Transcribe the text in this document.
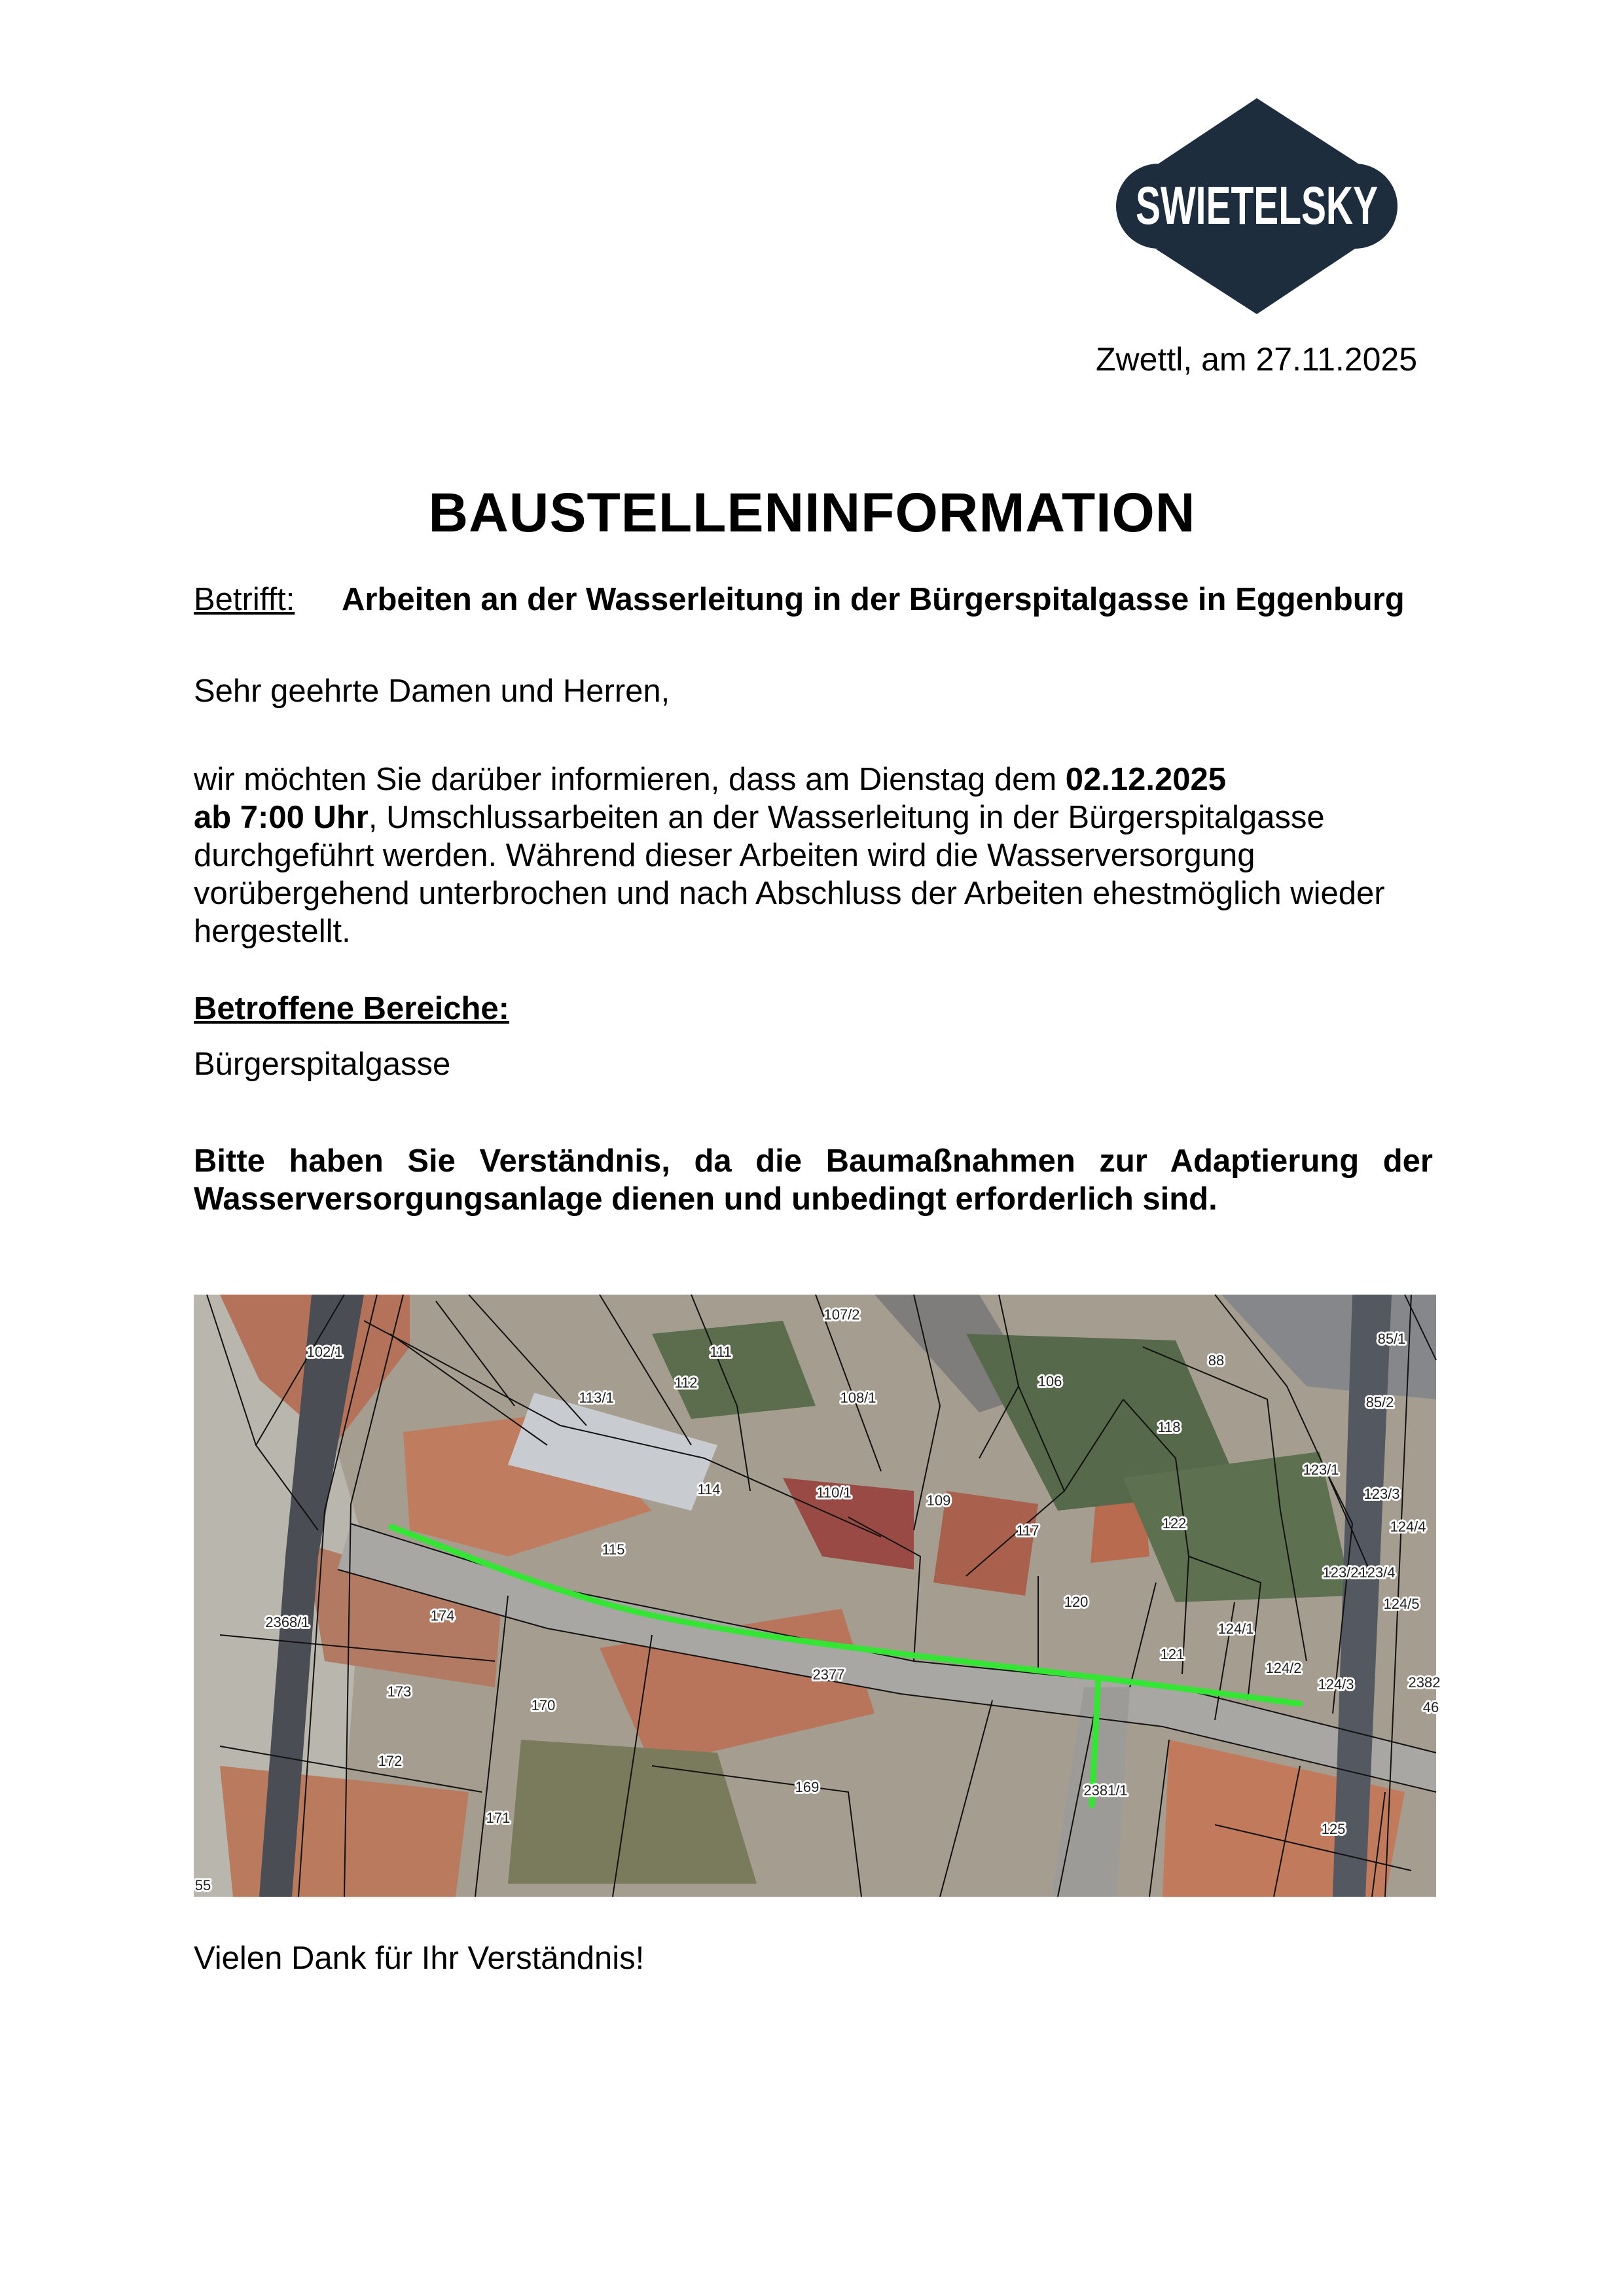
SWIETELSKY
Zwettl, am 27.11.2025
BAUSTELLENINFORMATION
Betrifft: Arbeiten an der Wasserleitung in der Bürgerspitalgasse in Eggenburg
Sehr geehrte Damen und Herren,
wir möchten Sie darüber informieren, dass am Dienstag dem 02.12.2025
ab 7:00 Uhr, Umschlussarbeiten an der Wasserleitung in der Bürgerspitalgasse durchgeführt werden. Während dieser Arbeiten wird die Wasserversorgung vorübergehend unterbrochen und nach Abschluss der Arbeiten ehestmöglich wieder hergestellt.
Betroffene Bereiche:
Bürgerspitalgasse
Bitte haben Sie Verständnis, da die Baumaßnahmen zur Adaptierung der Wasserversorgungsanlage dienen und unbedingt erforderlich sind.
102/1
113/1
112
111
107/2
108/1
106
88
85/1
85/2
118
114	110/1	109
117	122
123/1
123/3
124/4
115
123/2 123/4
124/5
2368/1	174
120
121
124/1
124/2
124/3	2382
46
173
170
2377
172
169	2381/1
171
125
55
Vielen Dank für Ihr Verständnis!
